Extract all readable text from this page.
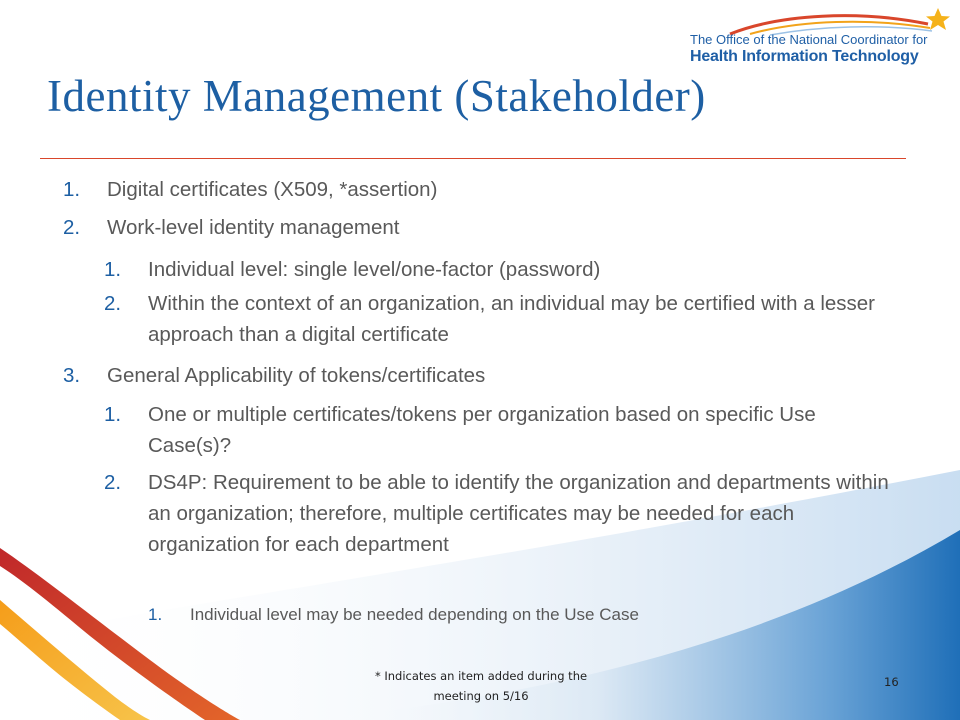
The Office of the National Coordinator for
Health Information Technology
Identity Management (Stakeholder)
1. Digital certificates (X509, *assertion)
2. Work-level identity management
1. Individual level: single level/one-factor (password)
2. Within the context of an organization, an individual may be certified with a lesser approach than a digital certificate
3. General Applicability of tokens/certificates
1. One or multiple certificates/tokens per organization based on specific Use Case(s)?
2. DS4P: Requirement to be able to identify the organization and departments within an organization; therefore, multiple certificates may be needed for each organization for each department
1. Individual level may be needed depending on the Use Case
* Indicates an item added during the meeting on 5/16
16
